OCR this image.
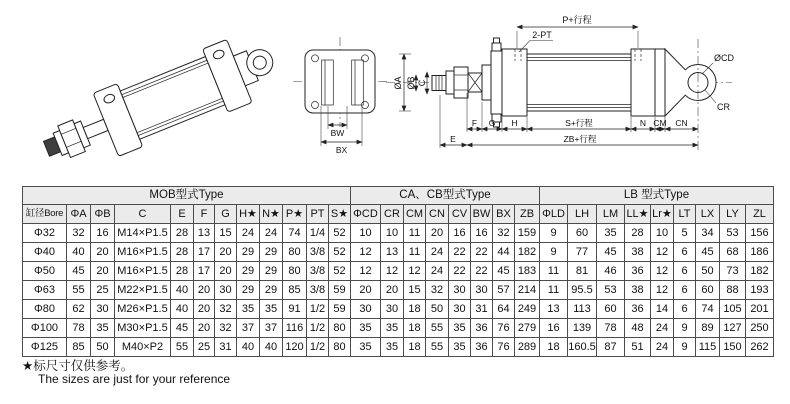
BW
BX
ØA ØB C
ØCD
CR
P+行程
2-PT
F G H	S+行程	N CM CN
E	ZB+行程
MOB型式Type												CA、CB型式Type								LB 型式Type								
缸径Bore	ΦA	ΦB	C	E	F	G	H★	N★	P★	PT	S★	ΦCD	CR	CM	CN	CV	BW	BX	ZB	ΦLD	LH	LM	LL★	Lr★	LT	LX	LY	ZL
Φ32	32	16	M14×P1.5	28	13	15	24	24	74	1/4	52	10	10	11	20	16	16	32	159	9	60	35	28	10	5	34	53	156
Φ40	40	20	M16×P1.5	28	17	20	29	29	80	3/8	52	12	13	11	24	22	22	44	182	9	77	45	38	12	6	45	68	186
Φ50	45	20	M16×P1.5	28	17	20	29	29	80	3/8	52	12	12	12	24	22	22	45	183	11	81	46	36	12	6	50	73	182
Φ63	55	25	M22×P1.5	40	20	30	29	29	85	3/8	59	20	20	15	32	30	30	57	214	11	95.5	53	38	12	6	60	88	193
Φ80	62	30	M26×P1.5	40	20	32	35	35	91	1/2	59	30	30	18	50	30	31	64	249	13	113	60	36	14	6	74	105	201
Φ100	78	35	M30×P1.5	45	20	32	37	37	116	1/2	80	35	35	18	55	35	36	76	279	16	139	78	48	24	9	89	127	250
Φ125	85	50	M40×P2	55	25	31	40	40	120	1/2	80	35	35	18	55	35	36	76	289	18	160.5	87	51	24	9	115	150	262
★标尺寸仅供参考。
The sizes are just for your reference
